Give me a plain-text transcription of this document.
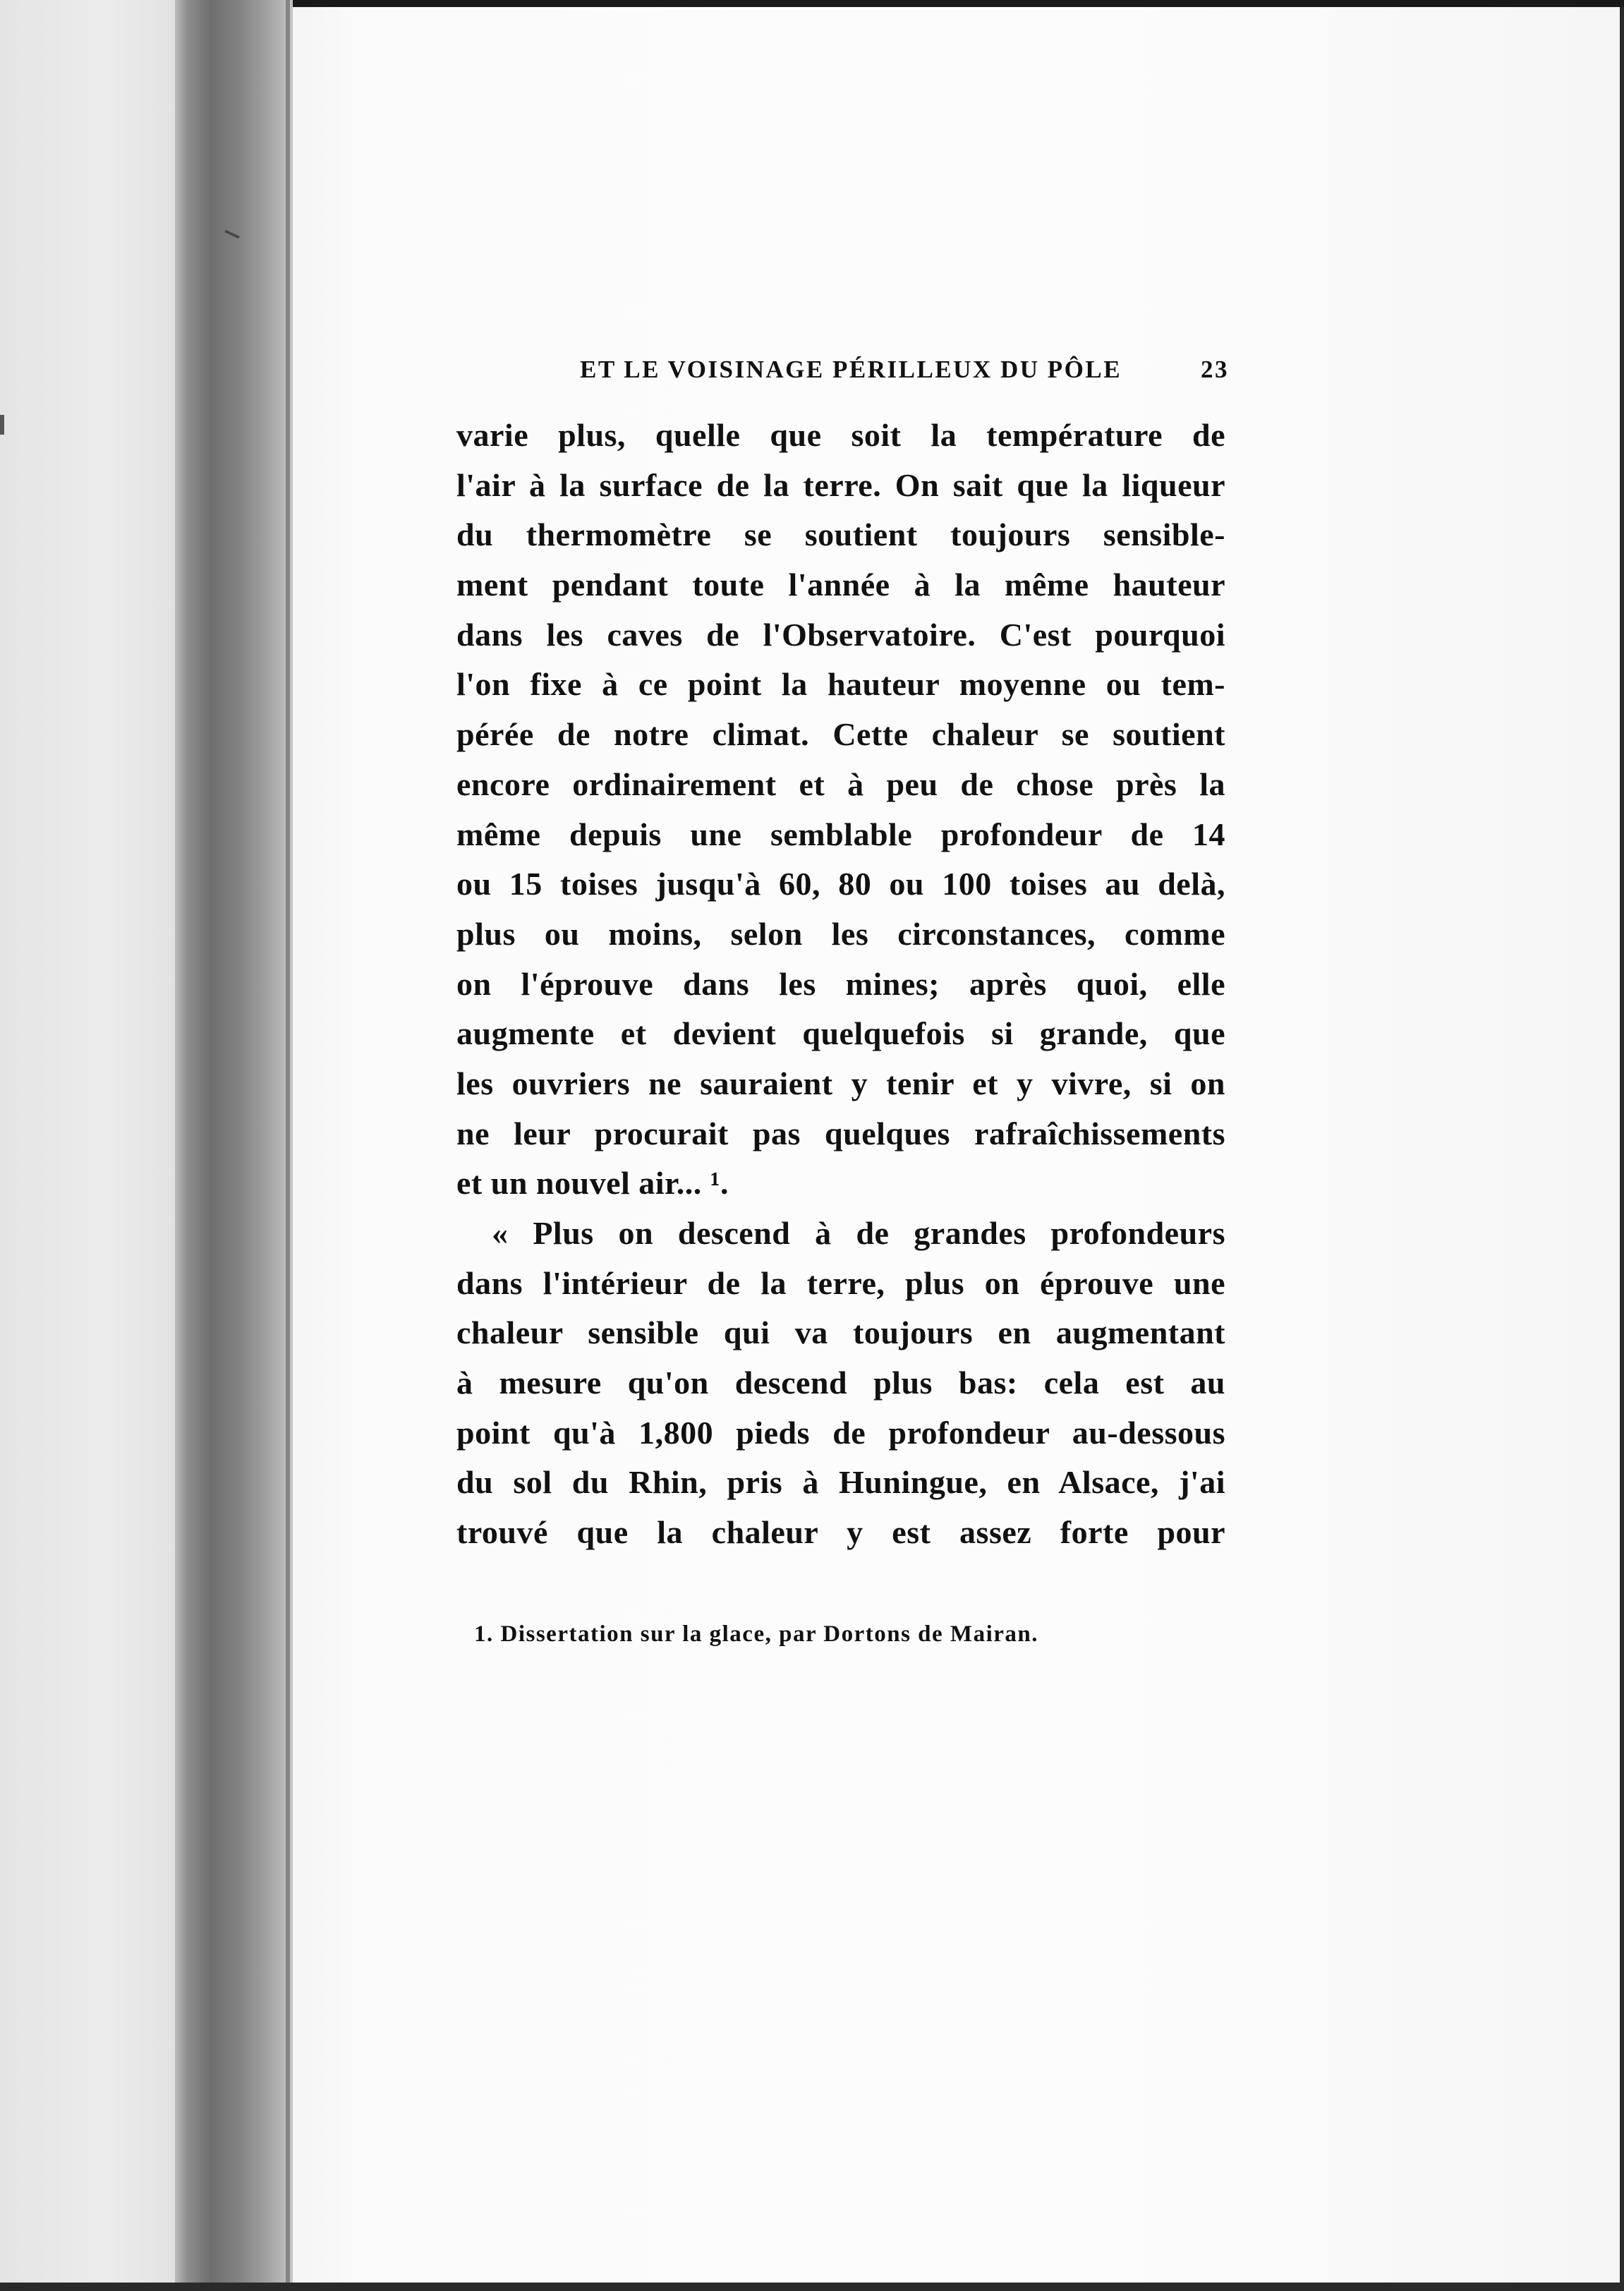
ET LE VOISINAGE PÉRILLEUX DU PÔLE	23
varie plus, quelle que soit la température de
l'air à la surface de la terre. On sait que la liqueur
du thermomètre se soutient toujours sensible-
ment pendant toute l'année à la même hauteur
dans les caves de l'Observatoire. C'est pourquoi
l'on fixe à ce point la hauteur moyenne ou tem-
pérée de notre climat. Cette chaleur se soutient
encore ordinairement et à peu de chose près la
même depuis une semblable profondeur de 14
ou 15 toises jusqu'à 60, 80 ou 100 toises au delà,
plus ou moins, selon les circonstances, comme
on l'éprouve dans les mines; après quoi, elle
augmente et devient quelquefois si grande, que
les ouvriers ne sauraient y tenir et y vivre, si on
ne leur procurait pas quelques rafraîchissements
et un nouvel air... ¹.
« Plus on descend à de grandes profondeurs
dans l'intérieur de la terre, plus on éprouve une
chaleur sensible qui va toujours en augmentant
à mesure qu'on descend plus bas: cela est au
point qu'à 1,800 pieds de profondeur au-dessous
du sol du Rhin, pris à Huningue, en Alsace, j'ai
trouvé que la chaleur y est assez forte pour
1. Dissertation sur la glace, par Dortons de Mairan.
